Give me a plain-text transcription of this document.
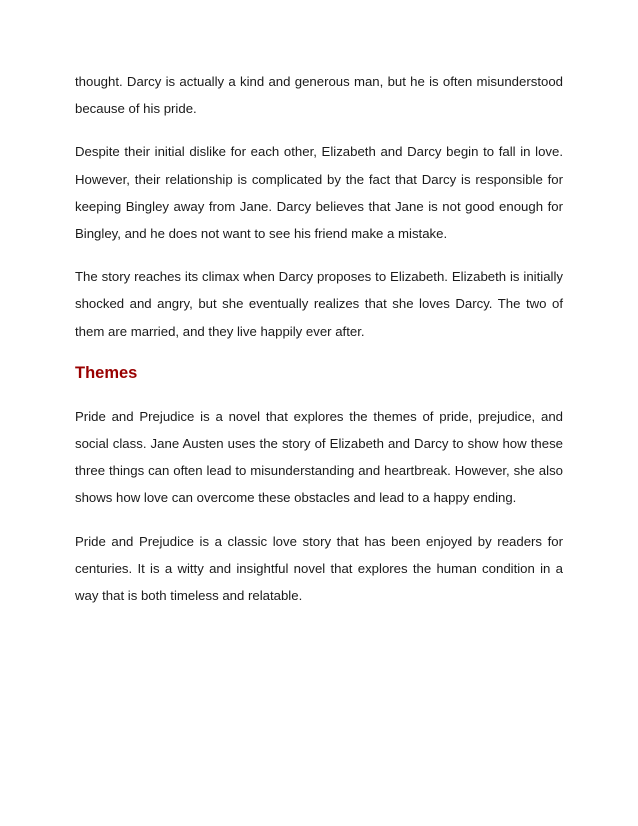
thought. Darcy is actually a kind and generous man, but he is often misunderstood because of his pride.

Despite their initial dislike for each other, Elizabeth and Darcy begin to fall in love. However, their relationship is complicated by the fact that Darcy is responsible for keeping Bingley away from Jane. Darcy believes that Jane is not good enough for Bingley, and he does not want to see his friend make a mistake.

The story reaches its climax when Darcy proposes to Elizabeth. Elizabeth is initially shocked and angry, but she eventually realizes that she loves Darcy. The two of them are married, and they live happily ever after.

Themes

Pride and Prejudice is a novel that explores the themes of pride, prejudice, and social class. Jane Austen uses the story of Elizabeth and Darcy to show how these three things can often lead to misunderstanding and heartbreak. However, she also shows how love can overcome these obstacles and lead to a happy ending.

Pride and Prejudice is a classic love story that has been enjoyed by readers for centuries. It is a witty and insightful novel that explores the human condition in a way that is both timeless and relatable.
